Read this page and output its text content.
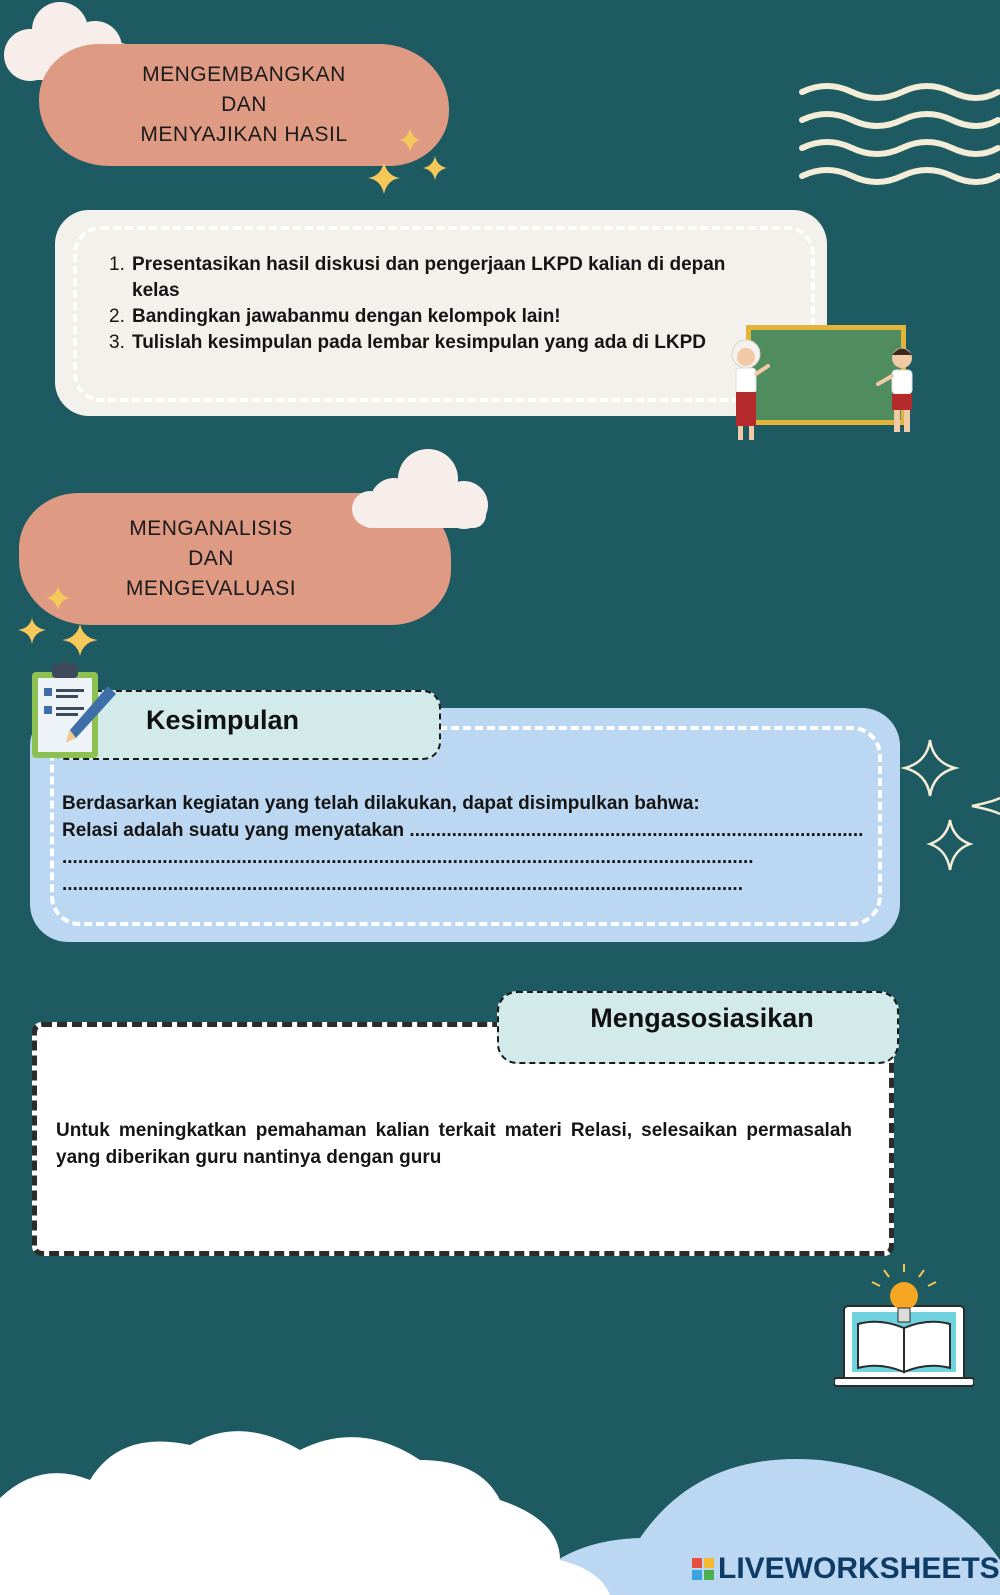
MENGEMBANGKAN
DAN
MENYAJIKAN HASIL
1. Presentasikan hasil diskusi dan pengerjaan LKPD kalian di depan kelas
2. Bandingkan jawabanmu dengan kelompok lain!
3. Tulislah kesimpulan pada lembar kesimpulan yang ada di LKPD
MENGANALISIS
DAN
MENGEVALUASI
Kesimpulan
Berdasarkan kegiatan yang telah dilakukan, dapat disimpulkan bahwa:
Relasi adalah suatu yang menyatakan ......................................................................................
...................................................................................................................................
.................................................................................................................................
Mengasosiasikan
Untuk meningkatkan pemahaman kalian terkait materi Relasi, selesaikan permasalah yang diberikan guru nantinya dengan guru
LIVEWORKSHEETS
